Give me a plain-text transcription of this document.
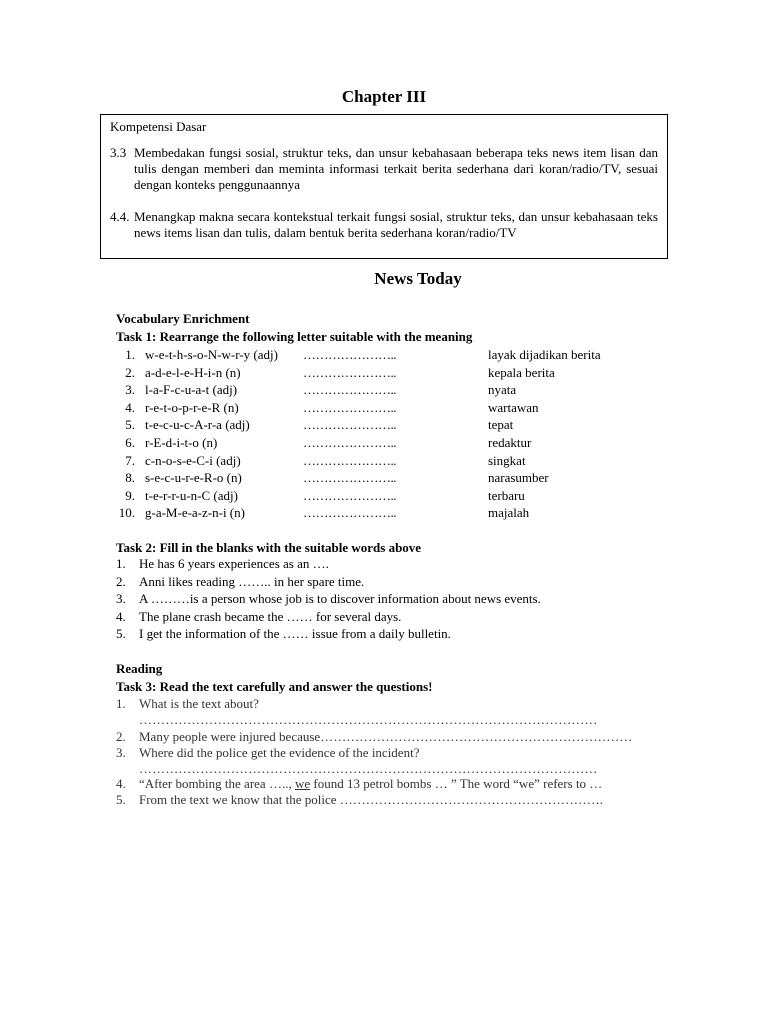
Chapter III
Kompetensi Dasar
3.3 Membedakan fungsi sosial, struktur teks, dan unsur kebahasaan beberapa teks news item lisan dan tulis dengan memberi dan meminta informasi terkait berita sederhana dari koran/radio/TV, sesuai dengan konteks penggunaannya
4.4. Menangkap makna secara kontekstual terkait fungsi sosial, struktur teks, dan unsur kebahasaan teks news items lisan dan tulis, dalam bentuk berita sederhana koran/radio/TV
News Today
Vocabulary Enrichment
Task 1: Rearrange the following letter suitable with the meaning
1. w-e-t-h-s-o-N-w-r-y (adj) …………………..	layak dijadikan berita
2. a-d-e-l-e-H-i-n (n)	…………………..	kepala berita
3. l-a-F-c-u-a-t (adj)	…………………..	nyata
4. r-e-t-o-p-r-e-R (n)	…………………..	wartawan
5. t-e-c-u-c-A-r-a (adj)	…………………..	tepat
6. r-E-d-i-t-o (n)	…………………..	redaktur
7. c-n-o-s-e-C-i (adj)	…………………..	singkat
8. s-e-c-u-r-e-R-o (n)	…………………..	narasumber
9. t-e-r-r-u-n-C (adj)	…………………..	terbaru
10. g-a-M-e-a-z-n-i (n)	…………………..	majalah
Task 2: Fill in the blanks with the suitable words above
1. He has 6 years experiences as an ….
2. Anni likes reading …….. in her spare time.
3. A ………is a person whose job is to discover information about news events.
4. The plane crash became the …… for several days.
5. I get the information of the …… issue from a daily bulletin.
Reading
Task 3: Read the text carefully and answer the questions!
1. What is the text about?
……………………………………………………………………………………………
2. Many people were injured because………………………………………………………………
3. Where did the police get the evidence of the incident?
……………………………………………………………………………………………
4. “After bombing the area ….., we found 13 petrol bombs … ” The word “we” refers to …
5. From the text we know that the police …………………………………………………….
